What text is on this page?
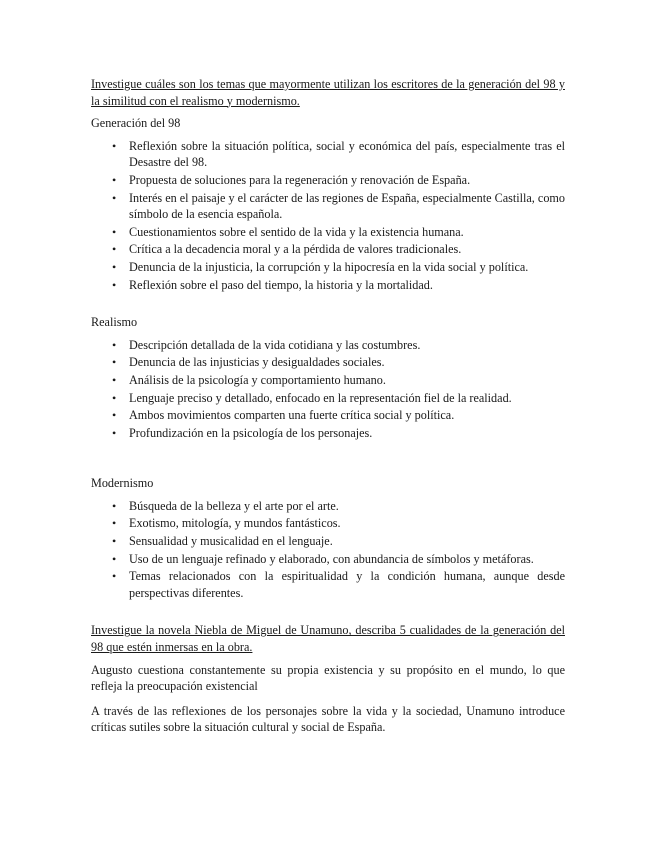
Investigue cuáles son los temas que mayormente utilizan los escritores de la generación del 98 y la similitud con el realismo y modernismo.
Generación del 98
• Reflexión sobre la situación política, social y económica del país, especialmente tras el Desastre del 98.
• Propuesta de soluciones para la regeneración y renovación de España.
• Interés en el paisaje y el carácter de las regiones de España, especialmente Castilla, como símbolo de la esencia española.
• Cuestionamientos sobre el sentido de la vida y la existencia humana.
• Crítica a la decadencia moral y a la pérdida de valores tradicionales.
• Denuncia de la injusticia, la corrupción y la hipocresía en la vida social y política.
• Reflexión sobre el paso del tiempo, la historia y la mortalidad.
Realismo
• Descripción detallada de la vida cotidiana y las costumbres.
• Denuncia de las injusticias y desigualdades sociales.
• Análisis de la psicología y comportamiento humano.
• Lenguaje preciso y detallado, enfocado en la representación fiel de la realidad.
• Ambos movimientos comparten una fuerte crítica social y política.
• Profundización en la psicología de los personajes.
Modernismo
• Búsqueda de la belleza y el arte por el arte.
• Exotismo, mitología, y mundos fantásticos.
• Sensualidad y musicalidad en el lenguaje.
• Uso de un lenguaje refinado y elaborado, con abundancia de símbolos y metáforas.
• Temas relacionados con la espiritualidad y la condición humana, aunque desde perspectivas diferentes.
Investigue la novela Niebla de Miguel de Unamuno, describa 5 cualidades de la generación del 98 que estén inmersas en la obra.

Augusto cuestiona constantemente su propia existencia y su propósito en el mundo, lo que refleja la preocupación existencial

A través de las reflexiones de los personajes sobre la vida y la sociedad, Unamuno introduce críticas sutiles sobre la situación cultural y social de España.
